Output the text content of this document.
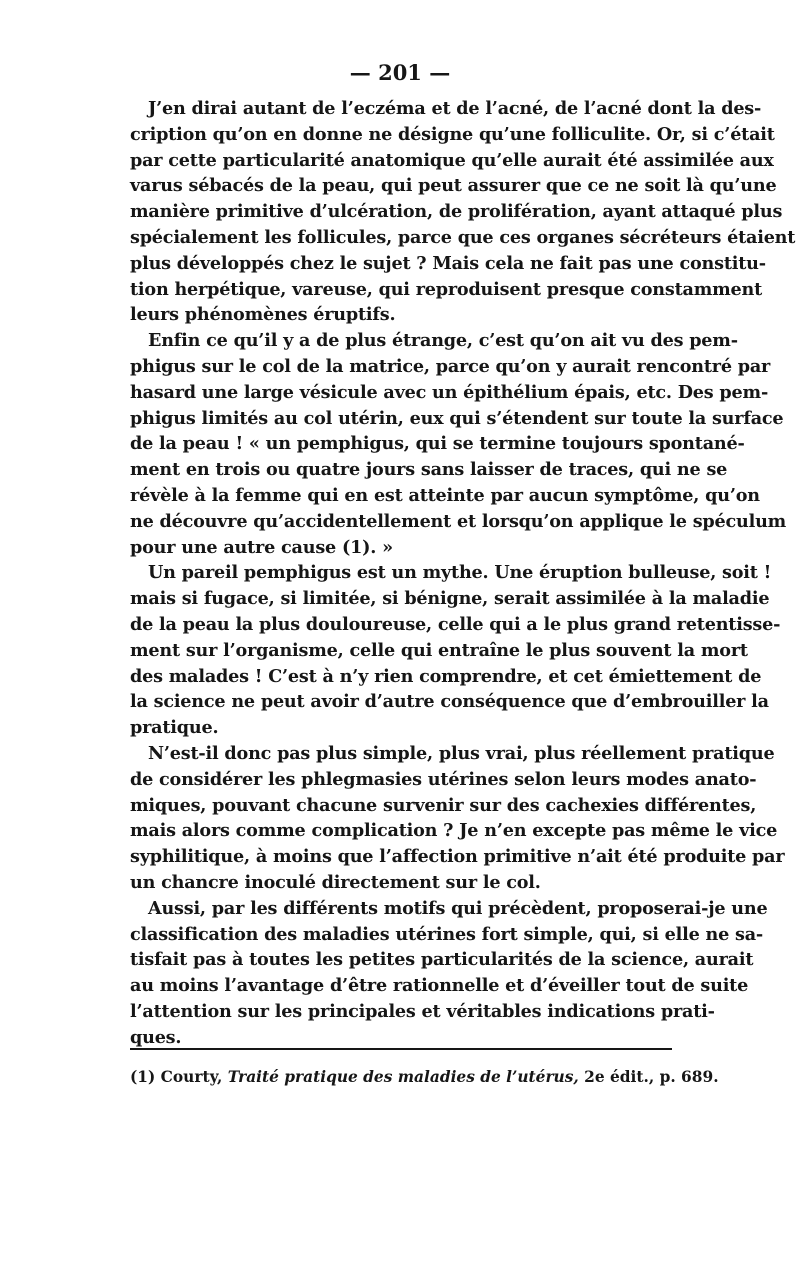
— 201 —
J’en dirai autant de l’eczéma et de l’acné, de l’acné dont la des-
cription qu’on en donne ne désigne qu’une folliculite. Or, si c’était
par cette particularité anatomique qu’elle aurait été assimilée aux
varus sébacés de la peau, qui peut assurer que ce ne soit là qu’une
manière primitive d’ulcération, de prolifération, ayant attaqué plus
spécialement les follicules, parce que ces organes sécréteurs étaient
plus développés chez le sujet ? Mais cela ne fait pas une constitu-
tion herpétique, vareuse, qui reproduisent presque constamment
leurs phénomènes éruptifs.
Enfin ce qu’il y a de plus étrange, c’est qu’on ait vu des pem-
phigus sur le col de la matrice, parce qu’on y aurait rencontré par
hasard une large vésicule avec un épithélium épais, etc. Des pem-
phigus limités au col utérin, eux qui s’étendent sur toute la surface
de la peau ! « un pemphigus, qui se termine toujours spontané-
ment en trois ou quatre jours sans laisser de traces, qui ne se
révèle à la femme qui en est atteinte par aucun symptôme, qu’on
ne découvre qu’accidentellement et lorsqu’on applique le spéculum
pour une autre cause (1). »
Un pareil pemphigus est un mythe. Une éruption bulleuse, soit !
mais si fugace, si limitée, si bénigne, serait assimilée à la maladie
de la peau la plus douloureuse, celle qui a le plus grand retentisse-
ment sur l’organisme, celle qui entraîne le plus souvent la mort
des malades ! C’est à n’y rien comprendre, et cet émiettement de
la science ne peut avoir d’autre conséquence que d’embrouiller la
pratique.
N’est-il donc pas plus simple, plus vrai, plus réellement pratique
de considérer les phlegmasies utérines selon leurs modes anato-
miques, pouvant chacune survenir sur des cachexies différentes,
mais alors comme complication ? Je n’en excepte pas même le vice
syphilitique, à moins que l’affection primitive n’ait été produite par
un chancre inoculé directement sur le col.
Aussi, par les différents motifs qui précèdent, proposerai-je une
classification des maladies utérines fort simple, qui, si elle ne sa-
tisfait pas à toutes les petites particularités de la science, aurait
au moins l’avantage d’être rationnelle et d’éveiller tout de suite
l’attention sur les principales et véritables indications prati-
ques.
(1) Courty, Traité pratique des maladies de l’utérus, 2e édit., p. 689.
